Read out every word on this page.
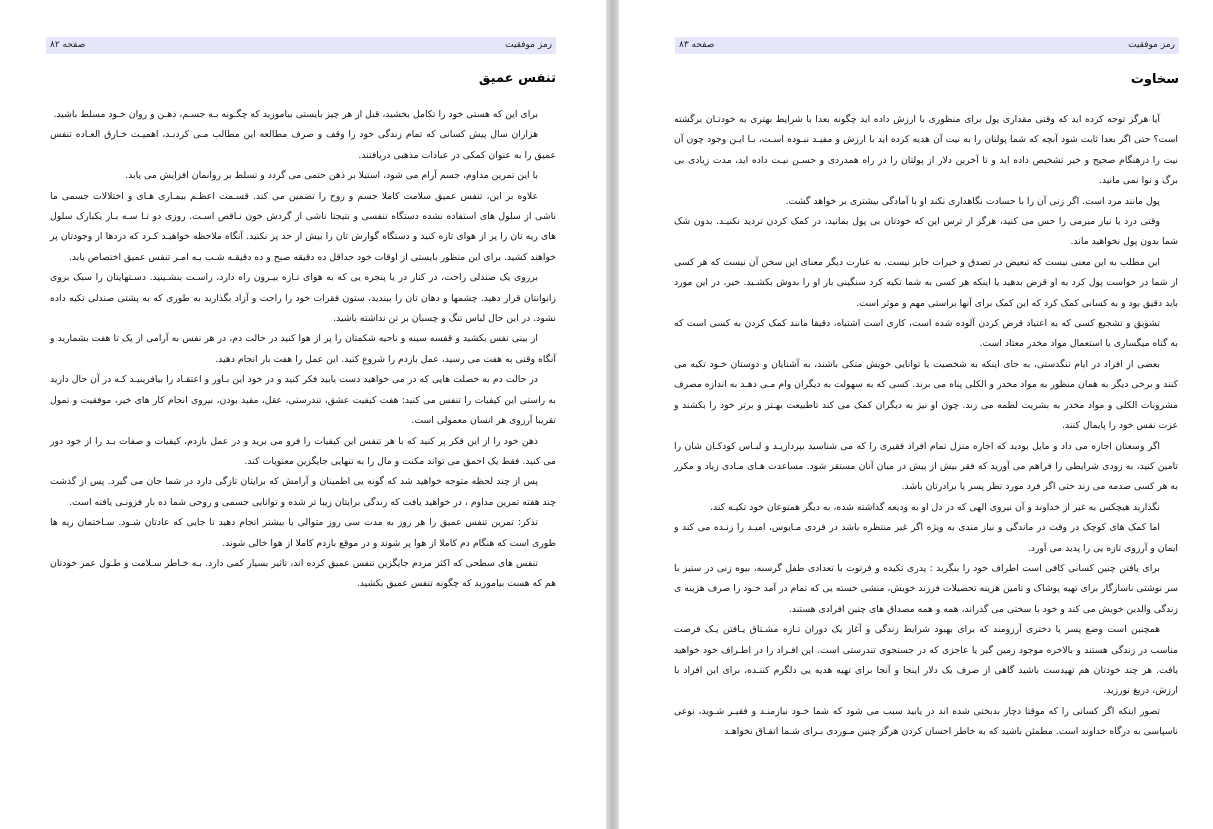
رمز موفقیت
صفحه ۸۲
تنفس عمیق

برای این که هستی خود را تکامل بخشید، قبل از هر چیز بایستی بیاموزید که چگـونه بـه جسـم، ذهـن و روان خـود مسلط باشید.

هزاران سال پیش کسانی که تمام زندگی خود را وقف و صرف مطالعه این مطالب مـی کردنـد، اهمیـت خـارق العـاده تنفس عمیق را به عنوان کمکی در عبادات مذهبی دریافتند.

با این تمرین مداوم، جسم آرام می شود، استیلا بر ذهن حتمی می گردد و تسلط بر روانمان افزایش می یابد.

علاوه بر این، تنفس عمیق سلامت کاملا جسم و روح را تضمین می کند. قسـمت اعظـم بیمـاری هـای و اختلالات جسمی ما ناشی از سلول های استفاده نشده دستگاه تنفسی و نتیجتا ناشی از گردش خون نـاقص اسـت. روزی دو تـا سـه بـار یکبارک سلول های ریه تان را پر از هوای تازه کنید و دستگاه گوارش تان را بیش از حد پر نکنید. آنگاه ملاحظه خواهیـد کـرد که دردها از وجودتان پر خواهند کشید. برای این منظور بایستی از اوقات خود حداقل ده دقیقه صبح و ده دقیقـه شـب بـه امـر تنفس عمیق اختصاص یابد.

برروی یک صندلی راحت، در کنار در یا پنجره یی که به هوای تـازه بیـرون راه دارد، راسـت بنشـینید. دسـتهایتان را سبک بروی زانوانتان قرار دهید. چشمها و دهان تان را ببندید، ستون فقرات خود را راحت و آزاد بگذارید به طوری که به پشتی صندلی تکیه داده نشود. در این حال لباس تنگ و چسبان بر تن نداشته باشید.

از بینی نفس بکشید و قفسه سینه و ناحیه شکمتان را پر از هوا کنید در حالت دم، در هر نفس به آرامی از یک تا هفت بشمارید و آنگاه وقتی به هفت می رسید، عمل بازدم را شروع کنید. این عمل را هفت بار انجام دهید.

در حالت دم به خصلت هایی که در می خواهید دست یابید فکر کنید و در خود این بـاور و اعتقـاد را بیافرینیـد کـه در آن حال دارید به راستی این کیفیات را تنفس می کنید: هفت کیفیت عشق، تندرستی، عقل، مفید بودن، نیروی انجام کار های خیر، موفقیت و تمول تقریبا آرزوی هر انسان معمولی است.

ذهن خود را از این فکر پر کنید که با هر تنفس این کیفیات را فرو می برید و در عمل بازدم، کیفیات و صفات بـد را از خود دور می کنید. فقط یک احمق می تواند مکنت و مال را به تنهایی جایگزین معنویات کند.

پس از چند لحظه متوجه خواهید شد که گونه یی اطمینان و آرامش که برایتان تازگی دارد در شما جان می گیرد. پس از گذشت چند هفته تمرین مداوم ، در خواهید یافت که زندگی برایتان زیبا تر شده و توانایی جسمی و روحی شما ده بار فزونـی یافته است.

تذکر: تمرین تنفس عمیق را هر روز به مدت سی روز متوالی یا بیشتر انجام دهید تا جایی که عادتان شـود. سـاختمان ریه ها طوری است که هنگام دم کاملا از هوا پر شوند و در موقع بازدم کاملا از هوا خالی شوند.

تنفس های سطحی که اکثر مردم جایگزین تنفس عمیق کرده اند، تاثیر بسیار کمی دارد. بـه خـاطر سـلامت و طـول عمر خودتان هم که هست بیاموزید که چگونه تنفس عمیق بکشید.

رمز موفقیت
صفحه ۸۳
سخاوت

آیا هرگز توجه کرده اید که وقتی مقداری پول برای منظوری با ارزش داده اید چگونه بعدا با شرایط بهتری به خودتـان برگشته است؟ حتی اگر بعدا ثابت شود آنچه که شما پولتان را به نیت آن هدیه کرده اید با ارزش و مفیـد نبـوده اسـت، بـا ایـن وجود چون آن نیت را درهنگام صحیح و خیر تشخیص داده اید و تا آخرین دلار از پولتان را در راه همدردی و حسـن نیـت داده اید، مدت زیادی بی برگ و نوا نمی مانید.

پول مانند مرد است. اگر زنی آن را با حسادت نگاهداری نکند او با آمادگی بیشتری بر خواهد گشت.

وقتی درد یا نیاز میرمی را حس می کنید، هرگز از ترس این که خودتان بی پول بمانید، در کمک کردن تردید نکنیـد. بدون شک شما بدون پول نخواهید ماند.

این مطلب به این معنی نیست که تبعیض در تصدق و خیرات جایز نیست. به عبارت دیگر معنای این سخن آن نیست که هر کسی از شما در خواست پول کرد به او قرض بدهید یا اینکه هر کسی به شما تکیه کرد سنگینی بار او را بدوش بکشـید. خیر، در این مورد باید دقیق بود و به کسانی کمک کرد که این کمک برای آنها براستی مهم و موثر است.

تشویق و تشجیع کسی که به اعتیاد قرض کردن آلوده شده است، کاری است اشتباه، دقیقا مانند کمک کردن به کسی است که به گناه میگساری یا استعمال مواد مخدر معتاد است.

بعضی از افراد در ایام تنگدستی، به جای اینکه به شخصیت یا توانایی خویش متکی باشند، به آشنایان و دوستان خـود تکیه می کنند و برخی دیگر به همان منظور به مواد مخدر و الکلی پناه می برند. کسی که به سهولت به دیگران وام مـی دهـد به اندازه مصرف مشروبات الکلی و مواد مخدر به بشریت لطمه می زند. چون او نیز به دیگران کمک می کند تاطبیعت بهـتر و برتر خود را بکشند و عزت نفس خود را پایمال کنند.

اگر وسعتان اجازه می داد و مایل بودید که اجاره منزل تمام افراد فقیری را که می شناسید بپردازیـد و لبـاس کودکـان شان را تامین کنید، به زودی شرایطی را فراهم می آورید که فقر بیش از پیش در میان آنان مستقر شود. مساعدت هـای مـادی زیاد و مکرر به هر کسی صدمه می زند حتی اگر فرد مورد نظر پسر یا برادرتان باشد.

نگذارید هیچکس به غیر از خداوند و آن نیروی الهی که در دل او به ودیعه گذاشته شده، به دیگر همنوعان خود تکیـه کند.

اما کمک های کوچک در وقت در ماندگی و نیاز مندی به ویژه اگر غیر منتظره باشد در فردی مـایوس، امیـد را زنـده می کند و ایمان و آرزوی تازه یی را پدید می آورد.

برای یافتن چنین کسانی کافی است اطراف خود را بنگرید : پدری تکیده و فرتوت با تعدادی طفل گرسنه، بیوه زنی در ستیز با سر نوشتی ناسازگار برای تهیه پوشاک و تامین هزینه تحصیلات فرزند خویش، منشی خسته یی که تمام در آمد خـود را صرف هزینه ی زندگی والدین خویش می کند و خود با سختی می گذراند، همه و همه مصداق های چنین افرادی هستند.

همچنین است وضع پسر یا دختری آرزومند که برای بهبود شرایط زندگی و آغاز یک دوران تـازه مشـتاق یـافتن یـک فرصت مناسب در زندگی هستند و بالاخره موجود زمین گیر یا عاجزی که در جستجوی تندرستی است. این افـراد را در اطـراف خود خواهید یافت. هر چند خودتان هم تهیدست باشید گاهی از صرف یک دلار اینجا و آنجا برای تهیه هدیه یی دلگرم کننـده، برای این افراد با ارزش، دریغ نورزید.

تصور اینکه اگر کسانی را که موقتا دچار بدبختی شده اند در یابید سبب می شود که شما خـود نیازمنـد و فقیـر شـوید، نوعی ناسپاسی به درگاه خداوند است. مطمئن باشید که به خاطر احسان کردن هرگز چنین مـوردی بـرای شـما اتفـاق نخواهـد
